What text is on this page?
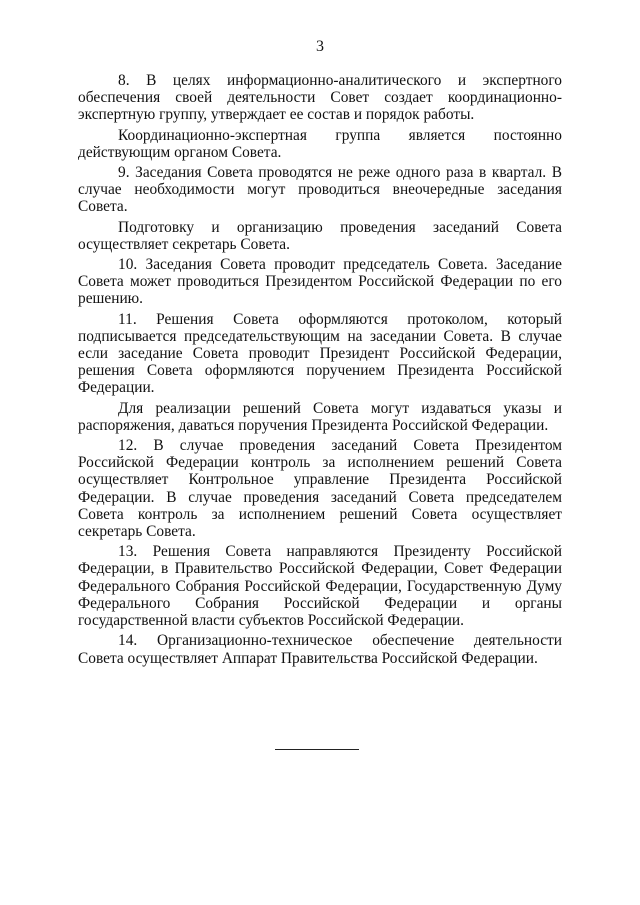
3

8. В целях информационно-аналитического и экспертного обеспечения своей деятельности Совет создает координационно-экспертную группу, утверждает ее состав и порядок работы.

Координационно-экспертная группа является постоянно действующим органом Совета.

9. Заседания Совета проводятся не реже одного раза в квартал. В случае необходимости могут проводиться внеочередные заседания Совета.

Подготовку и организацию проведения заседаний Совета осуществляет секретарь Совета.

10. Заседания Совета проводит председатель Совета. Заседание Совета может проводиться Президентом Российской Федерации по его решению.

11. Решения Совета оформляются протоколом, который подписывается председательствующим на заседании Совета. В случае если заседание Совета проводит Президент Российской Федерации, решения Совета оформляются поручением Президента Российской Федерации.

Для реализации решений Совета могут издаваться указы и распоряжения, даваться поручения Президента Российской Федерации.

12. В случае проведения заседаний Совета Президентом Российской Федерации контроль за исполнением решений Совета осуществляет Контрольное управление Президента Российской Федерации. В случае проведения заседаний Совета председателем Совета контроль за исполнением решений Совета осуществляет секретарь Совета.

13. Решения Совета направляются Президенту Российской Федерации, в Правительство Российской Федерации, Совет Федерации Федерального Собрания Российской Федерации, Государственную Думу Федерального Собрания Российской Федерации и органы государственной власти субъектов Российской Федерации.

14. Организационно-техническое обеспечение деятельности Совета осуществляет Аппарат Правительства Российской Федерации.
